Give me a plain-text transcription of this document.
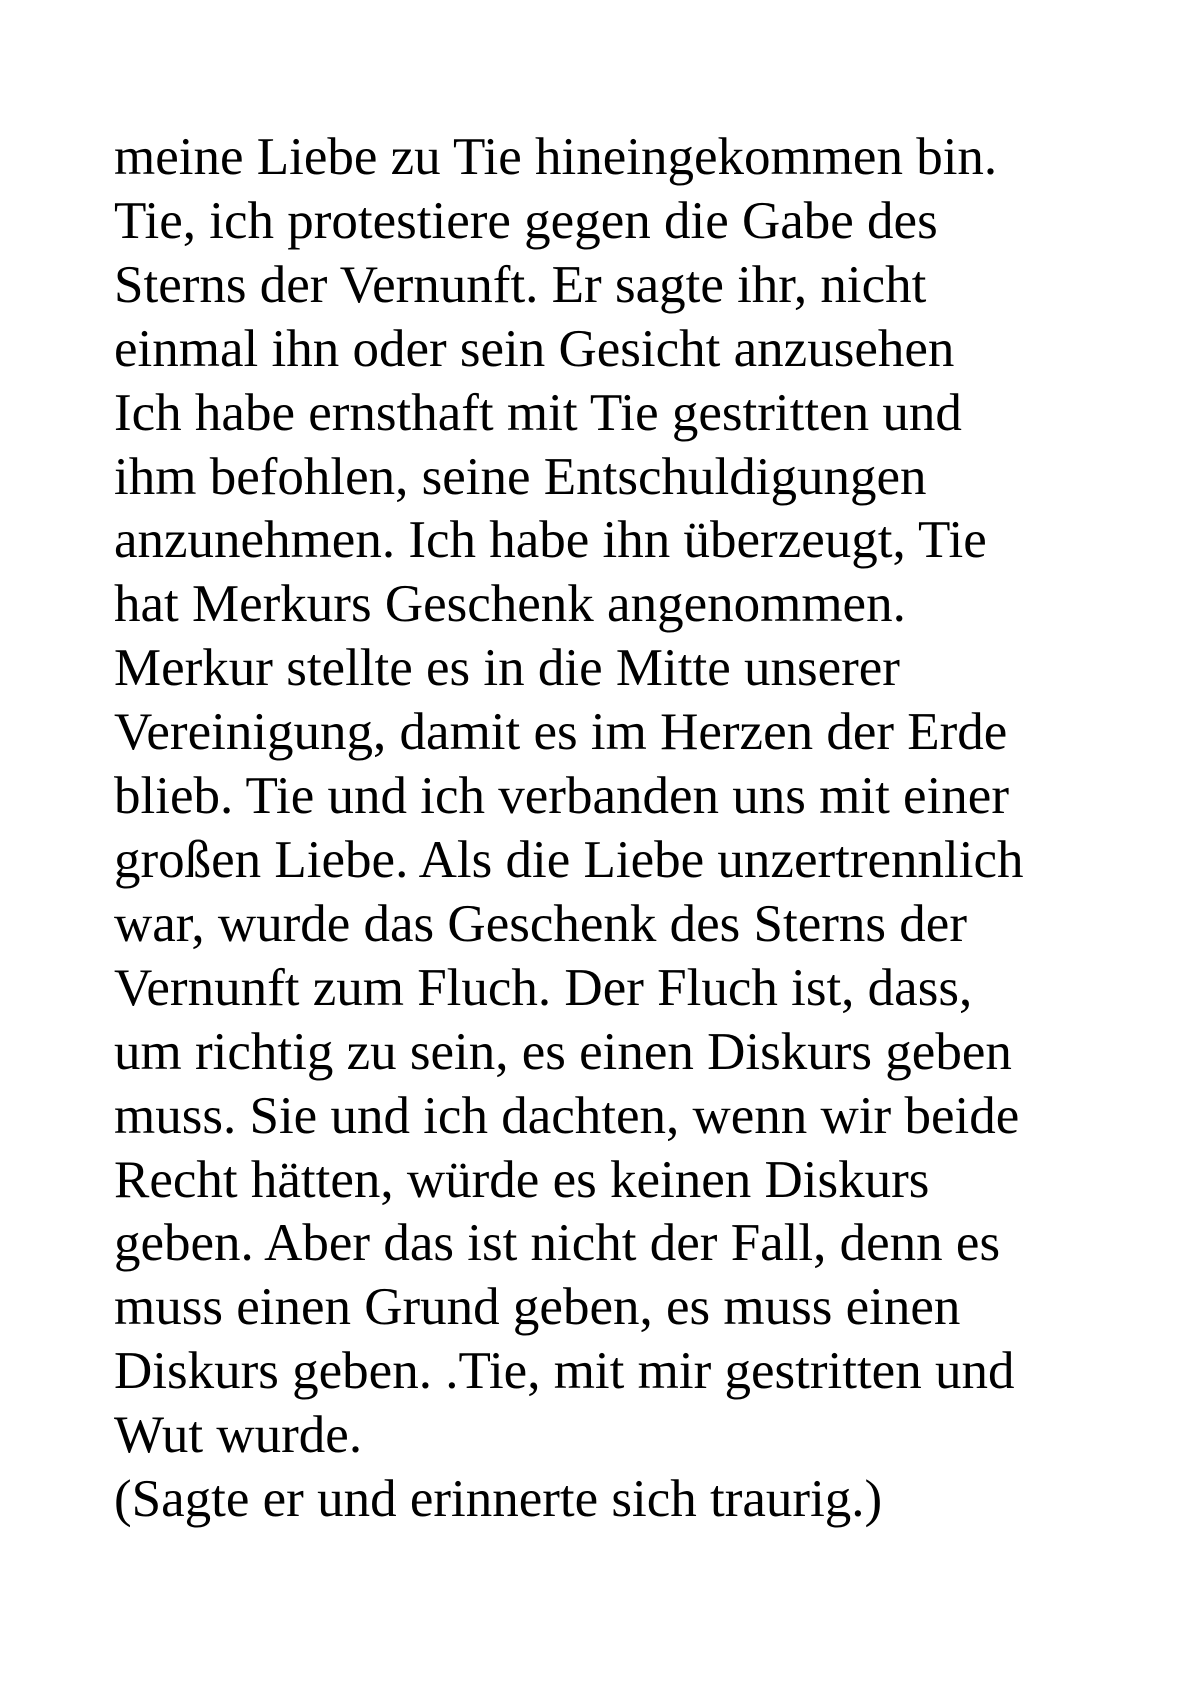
meine Liebe zu Tie hineingekommen bin.
Tie, ich protestiere gegen die Gabe des
Sterns der Vernunft. Er sagte ihr, nicht
einmal ihn oder sein Gesicht anzusehen
Ich habe ernsthaft mit Tie gestritten und
ihm befohlen, seine Entschuldigungen
anzunehmen. Ich habe ihn überzeugt, Tie
hat Merkurs Geschenk angenommen.
Merkur stellte es in die Mitte unserer
Vereinigung, damit es im Herzen der Erde
blieb. Tie und ich verbanden uns mit einer
großen Liebe. Als die Liebe unzertrennlich
war, wurde das Geschenk des Sterns der
Vernunft zum Fluch. Der Fluch ist, dass,
um richtig zu sein, es einen Diskurs geben
muss. Sie und ich dachten, wenn wir beide
Recht hätten, würde es keinen Diskurs
geben. Aber das ist nicht der Fall, denn es
muss einen Grund geben, es muss einen
Diskurs geben. .Tie, mit mir gestritten und
Wut wurde.
(Sagte er und erinnerte sich traurig.)
